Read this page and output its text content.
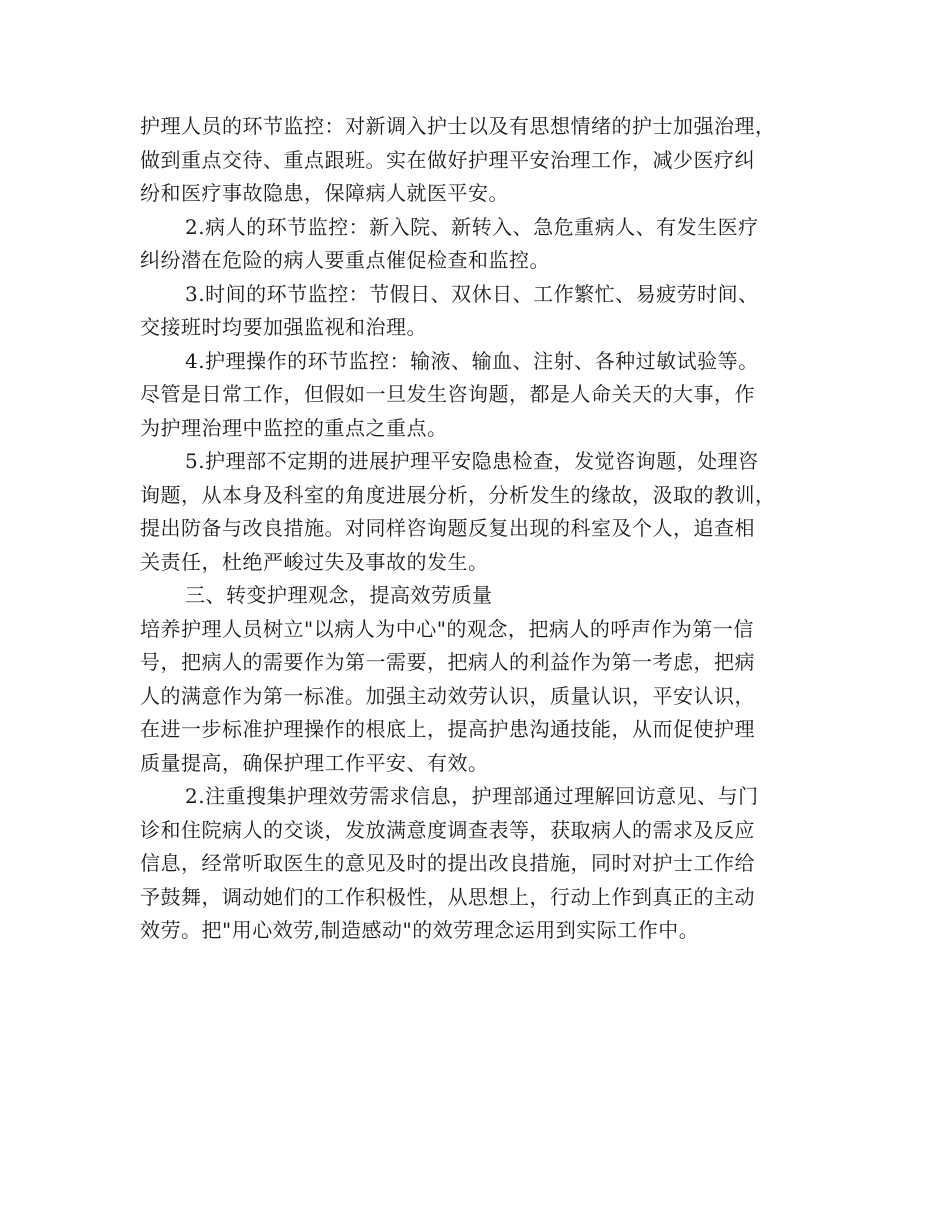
护理人员的环节监控：对新调入护士以及有思想情绪的护士加强治理，
做到重点交待、重点跟班。实在做好护理平安治理工作，减少医疗纠
纷和医疗事故隐患，保障病人就医平安。

2.病人的环节监控：新入院、新转入、急危重病人、有发生医疗
纠纷潜在危险的病人要重点催促检查和监控。

3.时间的环节监控：节假日、双休日、工作繁忙、易疲劳时间、
交接班时均要加强监视和治理。

4.护理操作的环节监控：输液、输血、注射、各种过敏试验等。
尽管是日常工作，但假如一旦发生咨询题，都是人命关天的大事，作
为护理治理中监控的重点之重点。

5.护理部不定期的进展护理平安隐患检查，发觉咨询题，处理咨
询题，从本身及科室的角度进展分析，分析发生的缘故，汲取的教训，
提出防备与改良措施。对同样咨询题反复出现的科室及个人，追查相
关责任，杜绝严峻过失及事故的发生。

三、转变护理观念，提高效劳质量

培养护理人员树立"以病人为中心"的观念，把病人的呼声作为第一信
号，把病人的需要作为第一需要，把病人的利益作为第一考虑，把病
人的满意作为第一标准。加强主动效劳认识，质量认识，平安认识，
在进一步标准护理操作的根底上，提高护患沟通技能，从而促使护理
质量提高，确保护理工作平安、有效。

2.注重搜集护理效劳需求信息，护理部通过理解回访意见、与门
诊和住院病人的交谈，发放满意度调查表等，获取病人的需求及反应
信息，经常听取医生的意见及时的提出改良措施，同时对护士工作给
予鼓舞，调动她们的工作积极性，从思想上，行动上作到真正的主动
效劳。把"用心效劳,制造感动"的效劳理念运用到实际工作中。
